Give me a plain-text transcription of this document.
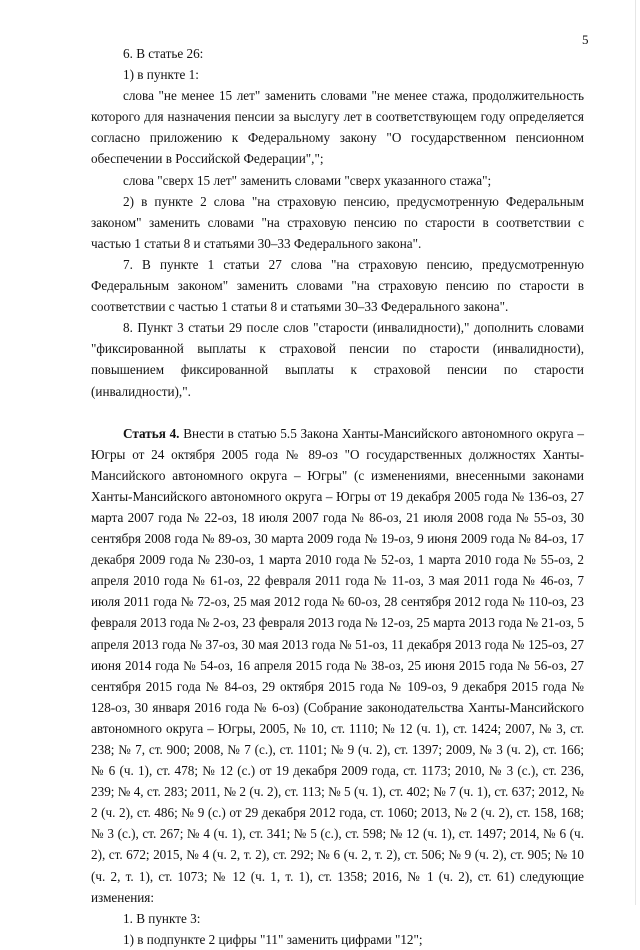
5

6. В статье 26:

1) в пункте 1:

слова "не менее 15 лет" заменить словами "не менее стажа, продолжительность которого для назначения пенсии за выслугу лет в соответствующем году определяется согласно приложению к Федеральному закону "О государственном пенсионном обеспечении в Российской Федерации",";

слова "сверх 15 лет" заменить словами "сверх указанного стажа";

2) в пункте 2 слова "на страховую пенсию, предусмотренную Федеральным законом" заменить словами "на страховую пенсию по старости в соответствии с частью 1 статьи 8 и статьями 30–33 Федерального закона".

7. В пункте 1 статьи 27 слова "на страховую пенсию, предусмотренную Федеральным законом" заменить словами "на страховую пенсию по старости в соответствии с частью 1 статьи 8 и статьями 30–33 Федерального закона".

8. Пункт 3 статьи 29 после слов "старости (инвалидности)," дополнить словами "фиксированной выплаты к страховой пенсии по старости (инвалидности), повышением фиксированной выплаты к страховой пенсии по старости (инвалидности),".

Статья 4. Внести в статью 5.5 Закона Ханты-Мансийского автономного округа – Югры от 24 октября 2005 года № 89-оз "О государственных должностях Ханты-Мансийского автономного округа – Югры" (с изменениями, внесенными законами Ханты-Мансийского автономного округа – Югры от 19 декабря 2005 года № 136-оз, 27 марта 2007 года № 22-оз, 18 июля 2007 года № 86-оз, 21 июля 2008 года № 55-оз, 30 сентября 2008 года № 89-оз, 30 марта 2009 года № 19-оз, 9 июня 2009 года № 84-оз, 17 декабря 2009 года № 230-оз, 1 марта 2010 года № 52-оз, 1 марта 2010 года № 55-оз, 2 апреля 2010 года № 61-оз, 22 февраля 2011 года № 11-оз, 3 мая 2011 года № 46-оз, 7 июля 2011 года № 72-оз, 25 мая 2012 года № 60-оз, 28 сентября 2012 года № 110-оз, 23 февраля 2013 года № 2-оз, 23 февраля 2013 года № 12-оз, 25 марта 2013 года № 21-оз, 5 апреля 2013 года № 37-оз, 30 мая 2013 года № 51-оз, 11 декабря 2013 года № 125-оз, 27 июня 2014 года № 54-оз, 16 апреля 2015 года № 38-оз, 25 июня 2015 года № 56-оз, 27 сентября 2015 года № 84-оз, 29 октября 2015 года № 109-оз, 9 декабря 2015 года № 128-оз, 30 января 2016 года № 6-оз) (Собрание законодательства Ханты-Мансийского автономного округа – Югры, 2005, № 10, ст. 1110; № 12 (ч. 1), ст. 1424; 2007, № 3, ст. 238; № 7, ст. 900; 2008, № 7 (с.), ст. 1101; № 9 (ч. 2), ст. 1397; 2009, № 3 (ч. 2), ст. 166; № 6 (ч. 1), ст. 478; № 12 (с.) от 19 декабря 2009 года, ст. 1173; 2010, № 3 (с.), ст. 236, 239; № 4, ст. 283; 2011, № 2 (ч. 2), ст. 113; № 5 (ч. 1), ст. 402; № 7 (ч. 1), ст. 637; 2012, № 2 (ч. 2), ст. 486; № 9 (с.) от 29 декабря 2012 года, ст. 1060; 2013, № 2 (ч. 2), ст. 158, 168; № 3 (с.), ст. 267; № 4 (ч. 1), ст. 341; № 5 (с.), ст. 598; № 12 (ч. 1), ст. 1497; 2014, № 6 (ч. 2), ст. 672; 2015, № 4 (ч. 2, т. 2), ст. 292; № 6 (ч. 2, т. 2), ст. 506; № 9 (ч. 2), ст. 905; № 10 (ч. 2, т. 1), ст. 1073; № 12 (ч. 1, т. 1), ст. 1358; 2016, № 1 (ч. 2), ст. 61) следующие изменения:

1. В пункте 3:

1) в подпункте 2 цифры "11" заменить цифрами "12";
